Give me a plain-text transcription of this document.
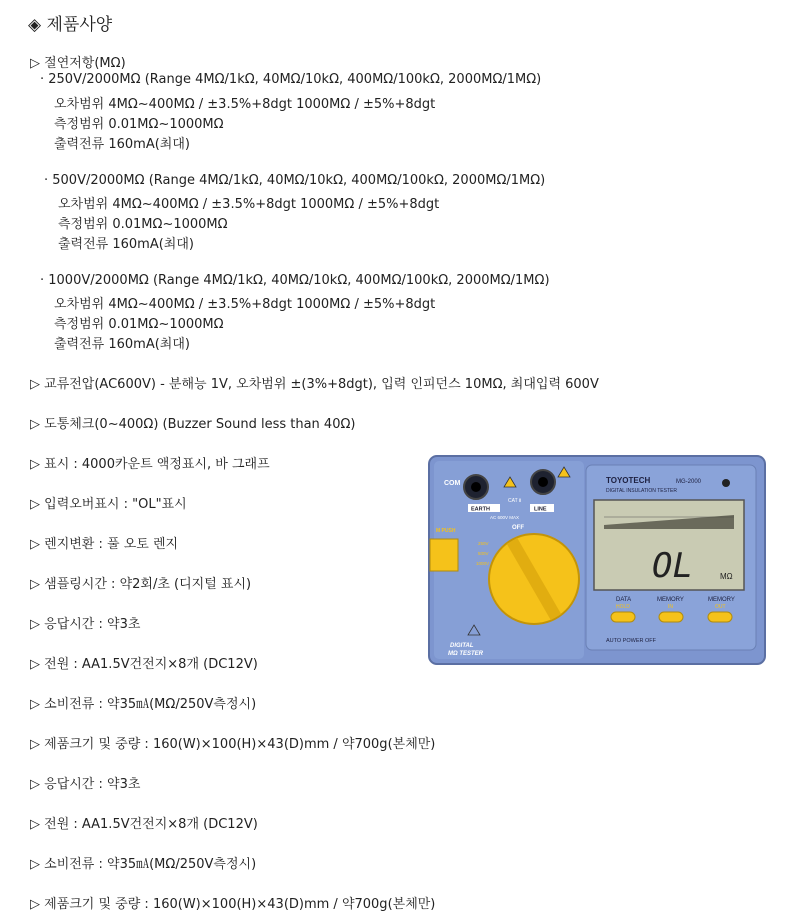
◈ 제품사양
▷ 절연저항(MΩ)
· 250V/2000MΩ (Range 4MΩ/1kΩ, 40MΩ/10kΩ, 400MΩ/100kΩ, 2000MΩ/1MΩ)
오차범위 4MΩ~400MΩ / ±3.5%+8dgt 1000MΩ / ±5%+8dgt
측정범위 0.01MΩ~1000MΩ
출력전류 160mA(최대)
· 500V/2000MΩ (Range 4MΩ/1kΩ, 40MΩ/10kΩ, 400MΩ/100kΩ, 2000MΩ/1MΩ)
오차범위 4MΩ~400MΩ / ±3.5%+8dgt 1000MΩ / ±5%+8dgt
측정범위 0.01MΩ~1000MΩ
출력전류 160mA(최대)
· 1000V/2000MΩ (Range 4MΩ/1kΩ, 40MΩ/10kΩ, 400MΩ/100kΩ, 2000MΩ/1MΩ)
오차범위 4MΩ~400MΩ / ±3.5%+8dgt 1000MΩ / ±5%+8dgt
측정범위 0.01MΩ~1000MΩ
출력전류 160mA(최대)
▷ 교류전압(AC600V) - 분해능 1V, 오차범위 ±(3%+8dgt), 입력 인피던스 10MΩ, 최대입력 600V
▷ 도통체크(0~400Ω) (Buzzer Sound less than 40Ω)
▷ 표시 : 4000카운트 액정표시, 바 그래프
▷ 입력오버표시 : "OL"표시
▷ 렌지변환 : 풀 오토 렌지
▷ 샘플링시간 : 약2회/초 (디지털 표시)
▷ 응답시간 : 약3초
▷ 전원 : AA1.5V건전지×8개 (DC12V)
▷ 소비전류 : 약35㎃(MΩ/250V측정시)
▷ 제품크기 및 중량 : 160(W)×100(H)×43(D)mm / 약700g(본체만)
▷ 응답시간 : 약3초
▷ 전원 : AA1.5V건전지×8개 (DC12V)
▷ 소비전류 : 약35㎃(MΩ/250V측정시)
▷ 제품크기 및 중량 : 160(W)×100(H)×43(D)mm / 약700g(본체만)
COM
EARTH	LINE
CAT Ⅱ
AC 600V MAX
M PUSH	OFF
250V
500V
1000V
DIGITAL
MΩ TESTER
TOYOTECH	MG-2000
DIGITAL INSULATION TESTER
OL	MΩ
DATA	MEMORY	MEMORY
HOLD	IN	OUT
AUTO POWER OFF
